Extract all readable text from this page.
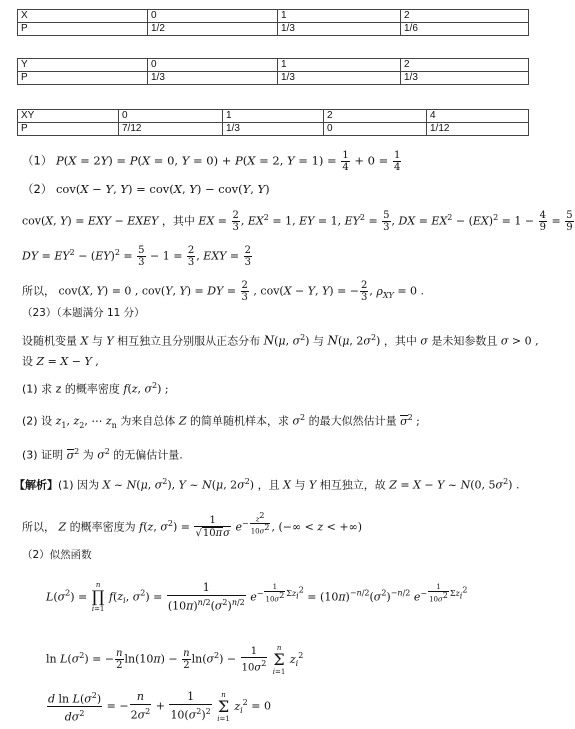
X	0	1	2
P	1/2	1/3	1/6
Y	0	1	2
P	1/3	1/3	1/3
XY	0	1	2	4
P	7/12	1/3	0	1/12
（1） P(X = 2Y) = P(X = 0, Y = 0) + P(X = 2, $Y = 1) = \frac{1}{4} + 0 = \frac{1}{4}$
（2） cov(X − Y, Y) = cov(X, Y) − cov(Y, Y)
cov(X, Y) = EXY − EXEY ，其中 EX = $\frac{2}{3}$ , $EX^2 = 1$, EY = 1, $EY^2 = \frac{5}{3}$ , DX = $EX^2 - (EX)^2 = 1 - \frac{4}{9} = \frac{5}{9}$
DY = $EY^2 - (EY)^2 = \frac{5}{3} - 1 = \frac{2}{3}$ , EXY = $\frac{2}{3}$
所以， cov(X, Y) = 0 , cov(Y, Y) = DY = $\frac{2}{3}$ , cov(X − Y, Y) = − $\frac{2}{3}$ , $\rho_{XY} = 0$ .
（23）（本题满分 11 分）
设随机变量 X 与 Y 相互独立且分别服从正态分布 N(μ, $\sigma^2$) 与 N(μ, $2\sigma^2$) ，其中 σ 是未知参数且 σ > 0 ,
设 Z = X − Y ,
(1) 求 z 的概率密度 f(z, $\sigma^2$) ;
(2) 设 $z_1$, $z_2$, ⋯ $z_n$ 为来自总体 Z 的简单随机样本，求 $\sigma^2$ 的最大似然估计量 $\sigma^2$ ;
(3) 证明 $\sigma^2$ 为 $\sigma^2$ 的无偏估计量.
【解析】(1) 因为 X ~ N(μ, $\sigma^2$), Y ~ N(μ, $2\sigma^2$) ，且 X 与 Y 相互独立，故 Z = X − Y ~ N(0, $5\sigma^2$) .
所以， Z 的概率密度为 f(z, $\sigma^2) = \frac{1}{√10\pi\sigma} e^{- \frac{z^2}{10\sigma^2}}$ , (−∞ < z < +∞)
（2）似然函数
$L(\sigma^2) = n$
∏
i=1 $f(z_i$, $\sigma^2) = \frac{1}{(10\pi)^{n/2}(\sigma^2)^{n/2}} e^{- \frac{1}{10\sigma^2} \Sigma z_i^2} = (10\pi)^{-n/2}(\sigma^2)^{-n/2}$ $e^{- \frac{1}{10\sigma^2} \Sigma z_i^2}$
$\ln L(\sigma^2)$ = − $\frac{n}{2} \ln(10\pi) - \frac{n}{2} \ln(\sigma^2) - \frac{1}{10\sigma^2}$ n
Σ
i=1 $z_i^2$
$\frac{d \ln L(\sigma^2)}{d\sigma^2}$ = − $\frac{n}{2\sigma^2} + \frac{1}{10(\sigma^2)^2}$ n
Σ
i=1 $z_i^2 = 0$
